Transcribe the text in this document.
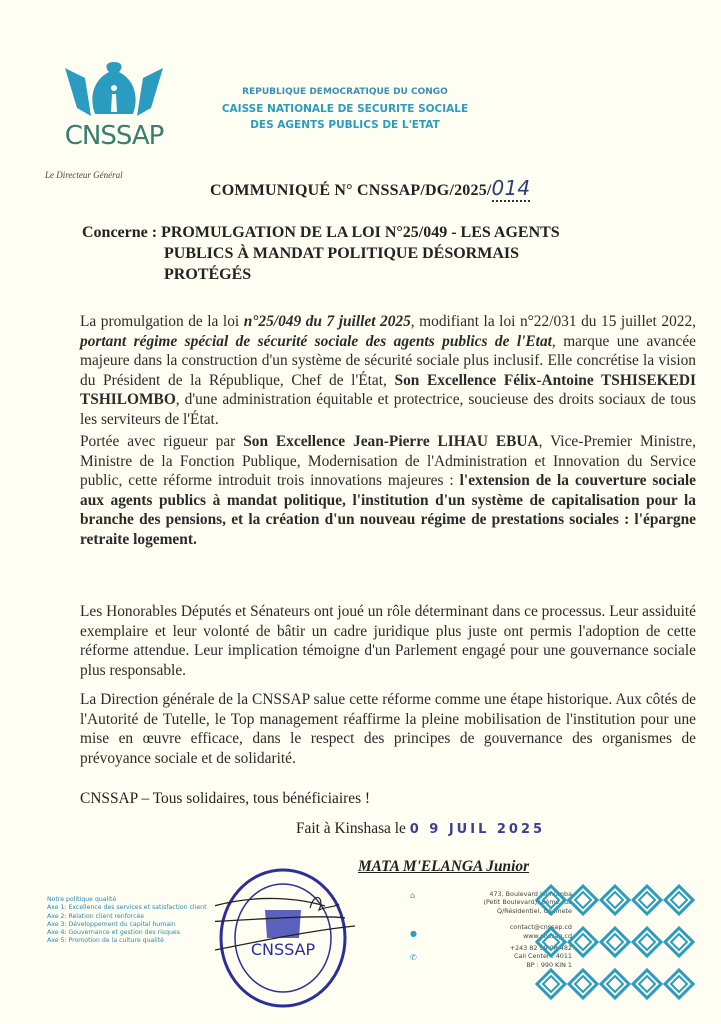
CNSSAP
REPUBLIQUE DEMOCRATIQUE DU CONGO
CAISSE NATIONALE DE SECURITE SOCIALE
DES AGENTS PUBLICS DE L'ETAT
Le Directeur Général
COMMUNIQUÉ N° CNSSAP/DG/2025/014
Concerne : PROMULGATION DE LA LOI N°25/049 - LES AGENTS
PUBLICS À MANDAT POLITIQUE DÉSORMAIS
PROTÉGÉS
La promulgation de la loi n°25/049 du 7 juillet 2025, modifiant la loi n°22/031 du 15 juillet 2022, portant régime spécial de sécurité sociale des agents publics de l'Etat, marque une avancée majeure dans la construction d'un système de sécurité sociale plus inclusif. Elle concrétise la vision du Président de la République, Chef de l'État, Son Excellence Félix-Antoine TSHISEKEDI TSHILOMBO, d'une administration équitable et protectrice, soucieuse des droits sociaux de tous les serviteurs de l'État.
Portée avec rigueur par Son Excellence Jean-Pierre LIHAU EBUA, Vice-Premier Ministre, Ministre de la Fonction Publique, Modernisation de l'Administration et Innovation du Service public, cette réforme introduit trois innovations majeures : l'extension de la couverture sociale aux agents publics à mandat politique, l'institution d'un système de capitalisation pour la branche des pensions, et la création d'un nouveau régime de prestations sociales : l'épargne retraite logement.
Les Honorables Députés et Sénateurs ont joué un rôle déterminant dans ce processus. Leur assiduité exemplaire et leur volonté de bâtir un cadre juridique plus juste ont permis l'adoption de cette réforme attendue. Leur implication témoigne d'un Parlement engagé pour une gouvernance sociale plus responsable.
La Direction générale de la CNSSAP salue cette réforme comme une étape historique. Aux côtés de l'Autorité de Tutelle, le Top management réaffirme la pleine mobilisation de l'institution pour une mise en œuvre efficace, dans le respect des principes de gouvernance des organismes de prévoyance sociale et de solidarité.
CNSSAP – Tous solidaires, tous bénéficiaires !
Fait à Kinshasa le 0 9 JUIL 2025
MATA M'ELANGA Junior
Notre politique qualité
Axe 1: Excellence des services et satisfaction client
Axe 2: Relation client renforcée
Axe 3: Développement du capital humain
Axe 4: Gouvernance et gestion des risques
Axe 5: Promotion de la culture qualité	CNSSAP
⌂	473, Boulevard Lumumba
(Petit Boulevard), 8ème rue
Q/Résidentiel, C/Limete
●
contact@cnssap.cd
www.cnssap.cd
✆
+243 82 99 08 482
Call Center : 4011
BP : 990 KIN 1
